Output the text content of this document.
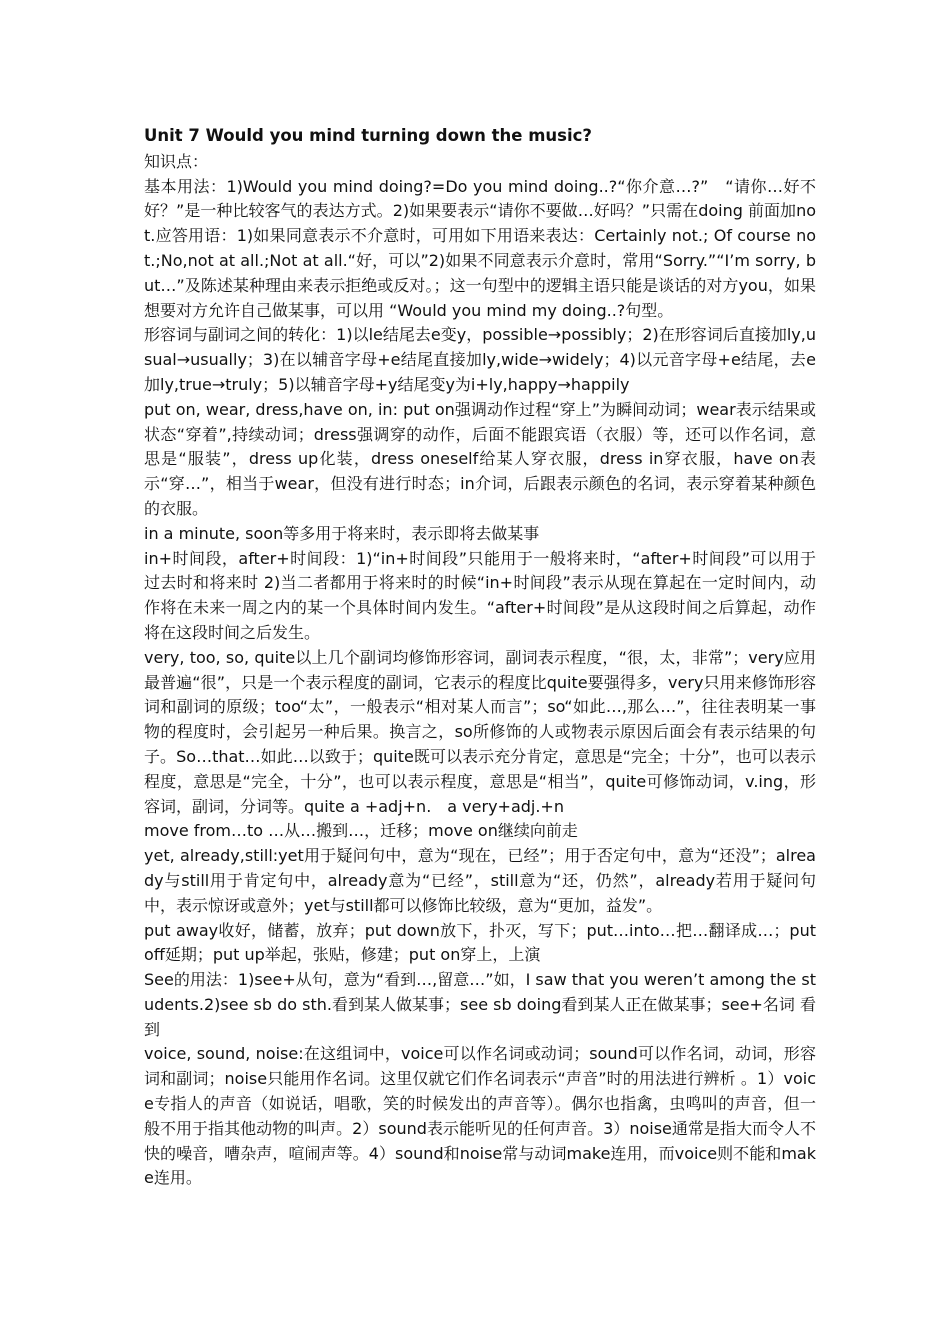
Unit 7 Would you mind turning down the music?
知识点：
基本用法：1)Would you mind doing?=Do you mind doing..?“你介意…?”　“请你…好不好？”是一种比较客气的表达方式。2)如果要表示“请你不要做…好吗？”只需在doing 前面加not.应答用语：1)如果同意表示不介意时，可用如下用语来表达：Certainly not.; Of course not.;No,not at all.;Not at all.“好，可以”2)如果不同意表示介意时，常用“Sorry.”“I’m sorry, but…”及陈述某种理由来表示拒绝或反对。；这一句型中的逻辑主语只能是谈话的对方you，如果想要对方允许自己做某事，可以用 “Would you mind my doing..?句型。
形容词与副词之间的转化：1)以le结尾去e变y，possible→possibly；2)在形容词后直接加ly,usual→usually；3)在以辅音字母+e结尾直接加ly,wide→widely；4)以元音字母+e结尾，去e加ly,true→truly；5)以辅音字母+y结尾变y为i+ly,happy→happily
put on, wear, dress,have on, in: put on强调动作过程“穿上”为瞬间动词；wear表示结果或状态“穿着”,持续动词；dress强调穿的动作，后面不能跟宾语（衣服）等，还可以作名词，意思是“服装”，dress up化装，dress oneself给某人穿衣服，dress in穿衣服，have on表示“穿…”，相当于wear，但没有进行时态；in介词，后跟表示颜色的名词，表示穿着某种颜色的衣服。
in a minute, soon等多用于将来时，表示即将去做某事
in+时间段，after+时间段：1)“in+时间段”只能用于一般将来时，“after+时间段”可以用于过去时和将来时 2)当二者都用于将来时的时候“in+时间段”表示从现在算起在一定时间内，动作将在未来一周之内的某一个具体时间内发生。“after+时间段”是从这段时间之后算起，动作将在这段时间之后发生。
very, too, so, quite以上几个副词均修饰形容词，副词表示程度，“很，太，非常”；very应用最普遍“很”，只是一个表示程度的副词，它表示的程度比quite要强得多，very只用来修饰形容词和副词的原级；too“太”，一般表示“相对某人而言”；so“如此…,那么…”，往往表明某一事物的程度时，会引起另一种后果。换言之，so所修饰的人或物表示原因后面会有表示结果的句子。So…that…如此…以致于；quite既可以表示充分肯定，意思是“完全；十分”，也可以表示程度，意思是“完全，十分”，也可以表示程度，意思是“相当”，quite可修饰动词，v.ing，形容词，副词，分词等。quite a +adj+n.　a very+adj.+n
move from…to …从…搬到…，迁移；move on继续向前走
yet, already,still:yet用于疑问句中，意为“现在，已经”；用于否定句中，意为“还没”；already与still用于肯定句中，already意为“已经”，still意为“还，仍然”，already若用于疑问句中，表示惊讶或意外；yet与still都可以修饰比较级，意为“更加，益发”。
put away收好，储蓄，放弃；put down放下，扑灭，写下；put…into…把…翻译成…；put off延期；put up举起，张贴，修建；put on穿上，上演
See的用法：1)see+从句，意为“看到…,留意…”如，I saw that you weren’t among the students.2)see sb do sth.看到某人做某事；see sb doing看到某人正在做某事；see+名词 看到
voice, sound, noise:在这组词中，voice可以作名词或动词；sound可以作名词，动词，形容词和副词；noise只能用作名词。这里仅就它们作名词表示“声音”时的用法进行辨析 。1）voice专指人的声音（如说话，唱歌，笑的时候发出的声音等）。偶尔也指禽，虫鸣叫的声音，但一般不用于指其他动物的叫声。2）sound表示能听见的任何声音。3）noise通常是指大而令人不快的噪音，嘈杂声，喧闹声等。4）sound和noise常与动词make连用，而voice则不能和make连用。
